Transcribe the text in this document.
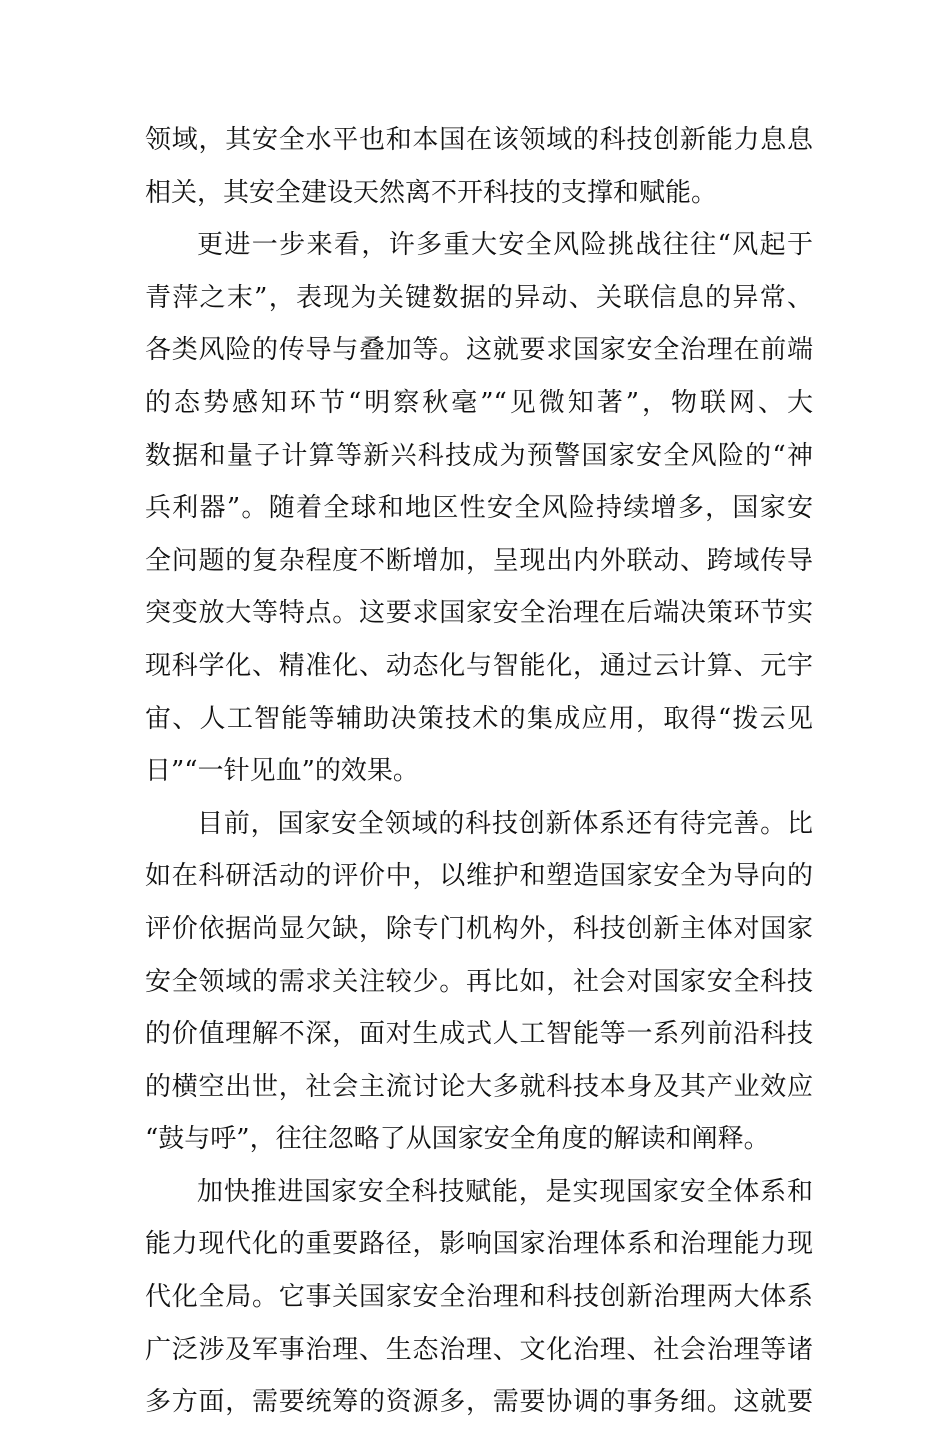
领域，其安全水平也和本国在该领域的科技创新能力息息
相关，其安全建设天然离不开科技的支撑和赋能。

更进一步来看，许多重大安全风险挑战往往“风起于
青萍之末”，表现为关键数据的异动、关联信息的异常、
各类风险的传导与叠加等。这就要求国家安全治理在前端
的态势感知环节“明察秋毫”“见微知著”，物联网、大
数据和量子计算等新兴科技成为预警国家安全风险的“神
兵利器”。随着全球和地区性安全风险持续增多，国家安
全问题的复杂程度不断增加，呈现出内外联动、跨域传导
突变放大等特点。这要求国家安全治理在后端决策环节实
现科学化、精准化、动态化与智能化，通过云计算、元宇
宙、人工智能等辅助决策技术的集成应用，取得“拨云见
日”“一针见血”的效果。

目前，国家安全领域的科技创新体系还有待完善。比
如在科研活动的评价中，以维护和塑造国家安全为导向的
评价依据尚显欠缺，除专门机构外，科技创新主体对国家
安全领域的需求关注较少。再比如，社会对国家安全科技
的价值理解不深，面对生成式人工智能等一系列前沿科技
的横空出世，社会主流讨论大多就科技本身及其产业效应
“鼓与呼”，往往忽略了从国家安全角度的解读和阐释。

加快推进国家安全科技赋能，是实现国家安全体系和
能力现代化的重要路径，影响国家治理体系和治理能力现
代化全局。它事关国家安全治理和科技创新治理两大体系
广泛涉及军事治理、生态治理、文化治理、社会治理等诸
多方面，需要统筹的资源多，需要协调的事务细。这就要
